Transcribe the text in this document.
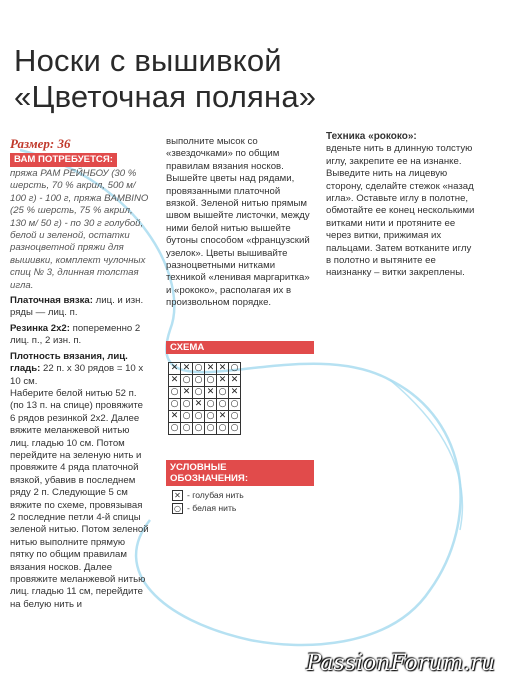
Носки с вышивкой
«Цветочная поляна»
Размер: 36
ВАМ ПОТРЕБУЕТСЯ:

пряжа PAM РЕЙНБОУ (30 % шерсть, 70 % акрил, 500 м/ 100 г) - 100 г, пряжа BAMBINO (25 % шерсть, 75 % акрил, 130 м/ 50 г) - по 30 г голубой, белой и зеленой, остатки разноцветной пряжи для вышивки, комплект чулочных спиц № 3, длинная толстая игла.

Платочная вязка: лиц. и изн. ряды — лиц. п.

Резинка 2х2: попеременно 2 лиц. п., 2 изн. п.

Плотность вязания, лиц. гладь: 22 п. х 30 рядов = 10 х 10 см.

Наберите белой нитью 52 п. (по 13 п. на спице) провяжите 6 рядов резинкой 2х2. Далее вяжите меланжевой нитью лиц. гладью 10 см. Потом перейдите на зеленую нить и провяжите 4 ряда платочной вязкой, убавив в последнем ряду 2 п. Следующие 5 см вяжите по схеме, провязывая 2 последние петли 4-й спицы зеленой нитью. Потом зеленой нитью выполните прямую пятку по общим правилам вязания носков. Далее провяжите меланжевой нитью лиц. гладью 11 см, перейдите на белую нить и

выполните мысок со «звездочками» по общим правилам вязания носков. Вышейте цветы над рядами, провязанными платочной вязкой. Зеленой нитью прямым швом вышейте листочки, между ними белой нитью вышейте бутоны способом «французский узелок». Цветы вышивайте разноцветными нитками техникой «ленивая маргаритка» и «рококо», располагая их в произвольном порядке.

СХЕМА
✕	✕	○	✕	✕	○
✕	○	○	○	✕	✕
○	✕	○	✕	○	✕
○	○	✕	○	○	○
✕	○	○	○	✕	○
○	○	○	○	○	○
УСЛОВНЫЕ
ОБОЗНАЧЕНИЯ:
✕ - голубая нить
○ - белая нить
Техника «рококо»:

вденьте нить в длинную толстую иглу, закрепите ее на изнанке. Выведите нить на лицевую сторону, сделайте стежок «назад игла». Оставьте иглу в полотне, обмотайте ее конец несколькими витками нити и протяните ее через витки, прижимая их пальцами. Затем вотканите иглу в полотно и вытяните ее наизнанку – витки закреплены.

PassionForum.ru
